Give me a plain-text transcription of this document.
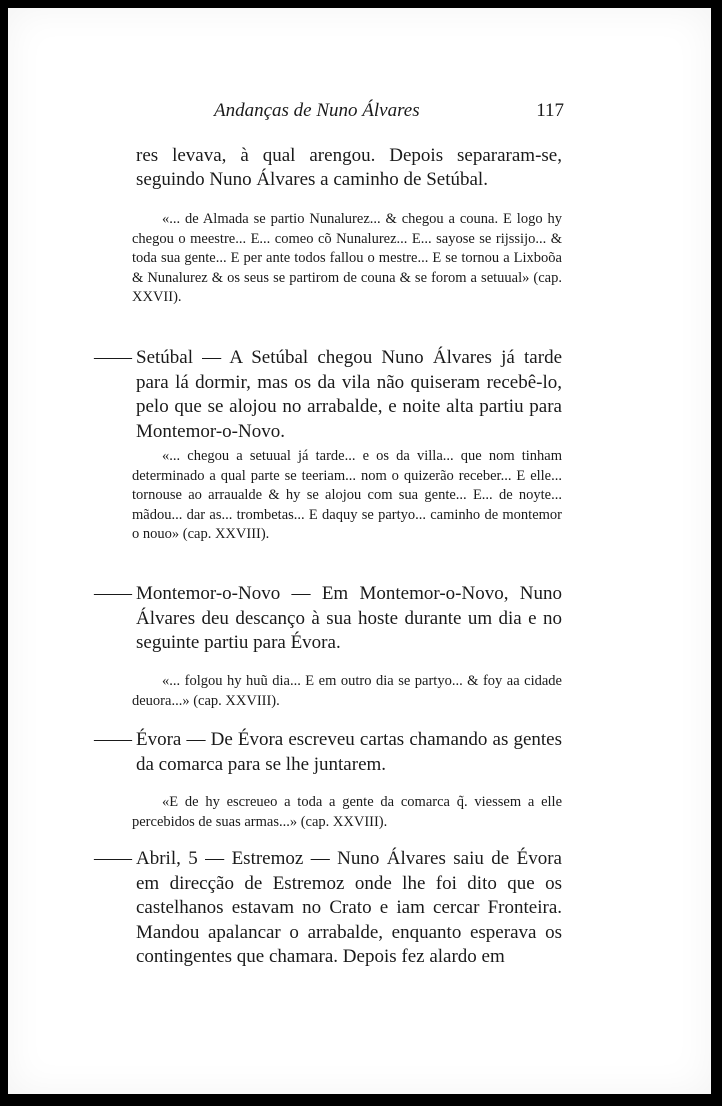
Andanças de Nuno Álvares	117

res levava, à qual arengou. Depois separaram-se, seguindo Nuno Álvares a caminho de Setúbal.

«... de Almada se partio Nunalurez... & chegou a couna. E logo hy chegou o meestre... E... comeo cõ Nunalurez... E... sayose se rijssijo... & toda sua gente... E per ante todos fallou o mestre... E se tornou a Lixboõa & Nunalurez & os seus se partirom de couna & se forom a setuual» (cap. XXVII).

—— Setúbal — A Setúbal chegou Nuno Álvares já tarde para lá dormir, mas os da vila não quiseram recebê-lo, pelo que se alojou no arrabalde, e noite alta partiu para Montemor-o-Novo.

«... chegou a setuual já tarde... e os da villa... que nom tinham determinado a qual parte se teeriam... nom o quizerão receber... E elle... tornouse ao arraualde & hy se alojou com sua gente... E... de noyte... mãdou... dar as... trombetas... E daquy se partyo... caminho de montemor o nouo» (cap. XXVIII).

—— Montemor-o-Novo — Em Montemor-o-Novo, Nuno Álvares deu descanço à sua hoste durante um dia e no seguinte partiu para Évora.

«... folgou hy huũ dia... E em outro dia se partyo... & foy aa cidade deuora...» (cap. XXVIII).

—— Évora — De Évora escreveu cartas chamando as gentes da comarca para se lhe juntarem.

«E de hy escreueo a toda a gente da comarca q̃. viessem a elle percebidos de suas armas...» (cap. XXVIII).

—— Abril, 5 — Estremoz — Nuno Álvares saiu de Évora em direcção de Estremoz onde lhe foi dito que os castelhanos estavam no Crato e iam cercar Fronteira. Mandou apalancar o arrabalde, enquanto esperava os contingentes que chamara. Depois fez alardo em
